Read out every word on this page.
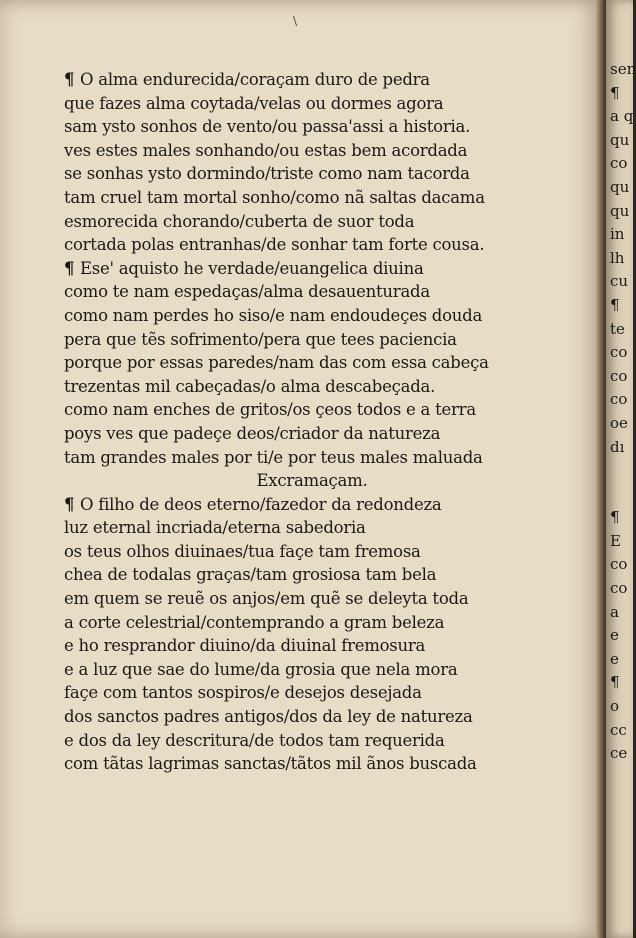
\
¶ O alma endurecida/coraçam duro de pedra
que fazes alma coytada/velas ou dormes agora
sam ysto sonhos de vento/ou passa'assi a historia.
ves estes males sonhando/ou estas bem acordada
se sonhas ysto dormindo/triste como nam tacorda
tam cruel tam mortal sonho/como nã saltas dacama
esmorecida chorando/cuberta de suor toda
cortada polas entranhas/de sonhar tam forte cousa.
¶ Ese' aquisto he verdade/euangelica diuina
como te nam espedaças/alma desauenturada
como nam perdes ho siso/e nam endoudeçes douda
pera que tẽs sofrimento/pera que tees paciencia
porque por essas paredes/nam das com essa cabeça
trezentas mil cabeçadas/o alma descabeçada.
como nam enches de gritos/os çeos todos e a terra
poys ves que padeçe deos/criador da natureza
tam grandes males por ti/e por teus males maluada
Excramaçam.
¶ O filho de deos eterno/fazedor da redondeza
luz eternal incriada/eterna sabedoria
os teus olhos diuinaes/tua façe tam fremosa
chea de todalas graças/tam grosiosa tam bela
em quem se reuẽ os anjos/em quẽ se deleyta toda
a corte celestrial/contemprando a gram beleza
e ho resprandor diuino/da diuinal fremosura
e a luz que sae do lume/da grosia que nela mora
façe com tantos sospiros/e desejos desejada
dos sanctos padres antigos/dos da ley de natureza
e dos da ley descritura/de todos tam requerida
com tãtas lagrimas sanctas/tãtos mil ãnos buscada
sen
¶
a q
qu
co
qu
qu
in
lh
cu
¶
te
co
co
co
oe
dı
¶
E
co
co
a
e
e
¶
o
cc
ce
